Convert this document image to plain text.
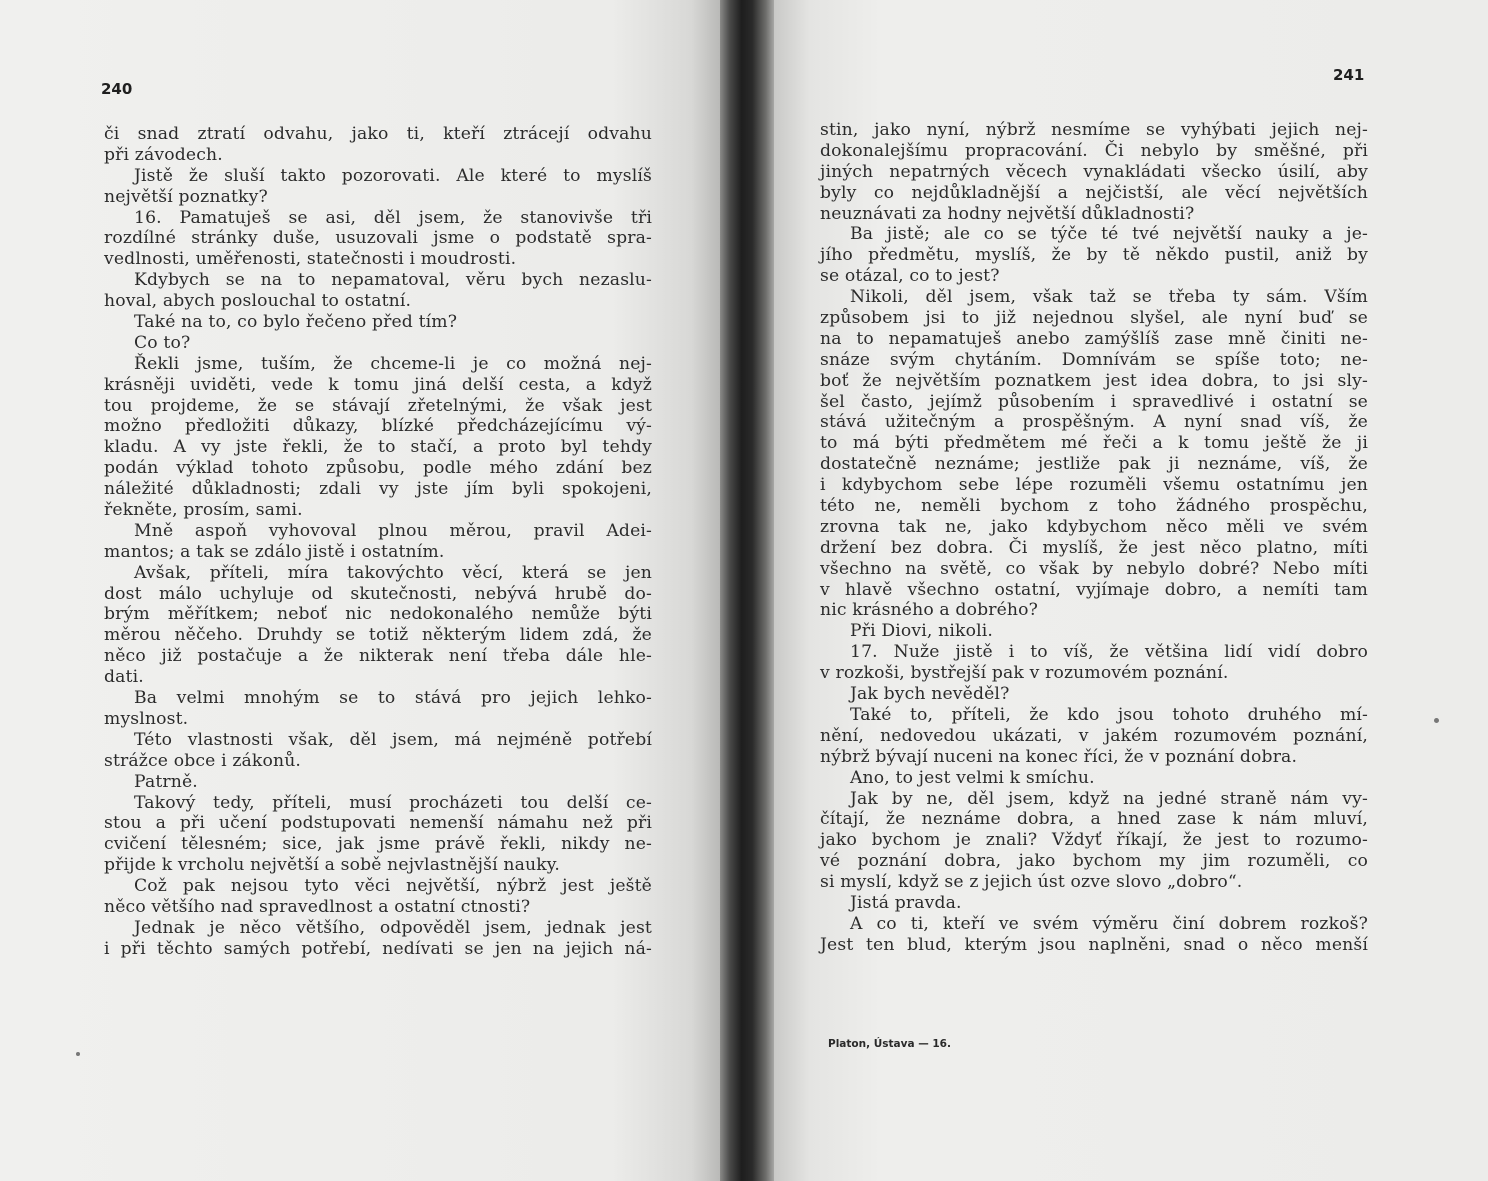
240

či snad ztratí odvahu, jako ti, kteří ztrácejí odvahu

při závodech.

Jistě že sluší takto pozorovati. Ale které to myslíš

největší poznatky?

16. Pamatuješ se asi, děl jsem, že stanovivše tři

rozdílné stránky duše, usuzovali jsme o podstatě spra-

vedlnosti, uměřenosti, statečnosti i moudrosti.

Kdybych se na to nepamatoval, věru bych nezaslu-

hoval, abych poslouchal to ostatní.

Také na to, co bylo řečeno před tím?

Co to?

Řekli jsme, tuším, že chceme-li je co možná nej-

krásněji uviděti, vede k tomu jiná delší cesta, a když

tou projdeme, že se stávají zřetelnými, že však jest

možno předložiti důkazy, blízké předcházejícímu vý-

kladu. A vy jste řekli, že to stačí, a proto byl tehdy

podán výklad tohoto způsobu, podle mého zdání bez

náležité důkladnosti; zdali vy jste jím byli spokojeni,

řekněte, prosím, sami.

Mně aspoň vyhovoval plnou měrou, pravil Adei-

mantos; a tak se zdálo jistě i ostatním.

Avšak, příteli, míra takovýchto věcí, která se jen

dost málo uchyluje od skutečnosti, nebývá hrubě do-

brým měřítkem; neboť nic nedokonalého nemůže býti

měrou něčeho. Druhdy se totiž některým lidem zdá, že

něco již postačuje a že nikterak není třeba dále hle-

dati.

Ba velmi mnohým se to stává pro jejich lehko-

myslnost.

Této vlastnosti však, děl jsem, má nejméně potřebí

strážce obce i zákonů.

Patrně.

Takový tedy, příteli, musí procházeti tou delší ce-

stou a při učení podstupovati nemenší námahu než při

cvičení tělesném; sice, jak jsme právě řekli, nikdy ne-

přijde k vrcholu největší a sobě nejvlastnější nauky.

Což pak nejsou tyto věci největší, nýbrž jest ještě

něco většího nad spravedlnost a ostatní ctnosti?

Jednak je něco většího, odpověděl jsem, jednak jest

i při těchto samých potřebí, nedívati se jen na jejich ná-

241

stin, jako nyní, nýbrž nesmíme se vyhýbati jejich nej-

dokonalejšímu propracování. Či nebylo by směšné, při

jiných nepatrných věcech vynakládati všecko úsilí, aby

byly co nejdůkladnější a nejčistší, ale věcí největších

neuznávati za hodny největší důkladnosti?

Ba jistě; ale co se týče té tvé největší nauky a je-

jího předmětu, myslíš, že by tě někdo pustil, aniž by

se otázal, co to jest?

Nikoli, děl jsem, však taž se třeba ty sám. Vším

způsobem jsi to již nejednou slyšel, ale nyní buď se

na to nepamatuješ anebo zamýšlíš zase mně činiti ne-

snáze svým chytáním. Domnívám se spíše toto; ne-

boť že největším poznatkem jest idea dobra, to jsi sly-

šel často, jejímž působením i spravedlivé i ostatní se

stává užitečným a prospěšným. A nyní snad víš, že

to má býti předmětem mé řeči a k tomu ještě že ji

dostatečně neznáme; jestliže pak ji neznáme, víš, že

i kdybychom sebe lépe rozuměli všemu ostatnímu jen

této ne, neměli bychom z toho žádného prospěchu,

zrovna tak ne, jako kdybychom něco měli ve svém

držení bez dobra. Či myslíš, že jest něco platno, míti

všechno na světě, co však by nebylo dobré? Nebo míti

v hlavě všechno ostatní, vyjímaje dobro, a nemíti tam

nic krásného a dobrého?

Při Diovi, nikoli.

17. Nuže jistě i to víš, že většina lidí vidí dobro

v rozkoši, bystřejší pak v rozumovém poznání.

Jak bych nevěděl?

Také to, příteli, že kdo jsou tohoto druhého mí-

nění, nedovedou ukázati, v jakém rozumovém poznání,

nýbrž bývají nuceni na konec říci, že v poznání dobra.

Ano, to jest velmi k smíchu.

Jak by ne, děl jsem, když na jedné straně nám vy-

čítají, že neznáme dobra, a hned zase k nám mluví,

jako bychom je znali? Vždyť říkají, že jest to rozumo-

vé poznání dobra, jako bychom my jim rozuměli, co

si myslí, když se z jejich úst ozve slovo „dobro“.

Jistá pravda.

A co ti, kteří ve svém výměru činí dobrem rozkoš?

Jest ten blud, kterým jsou naplněni, snad o něco menší

Platon, Ústava — 16.
